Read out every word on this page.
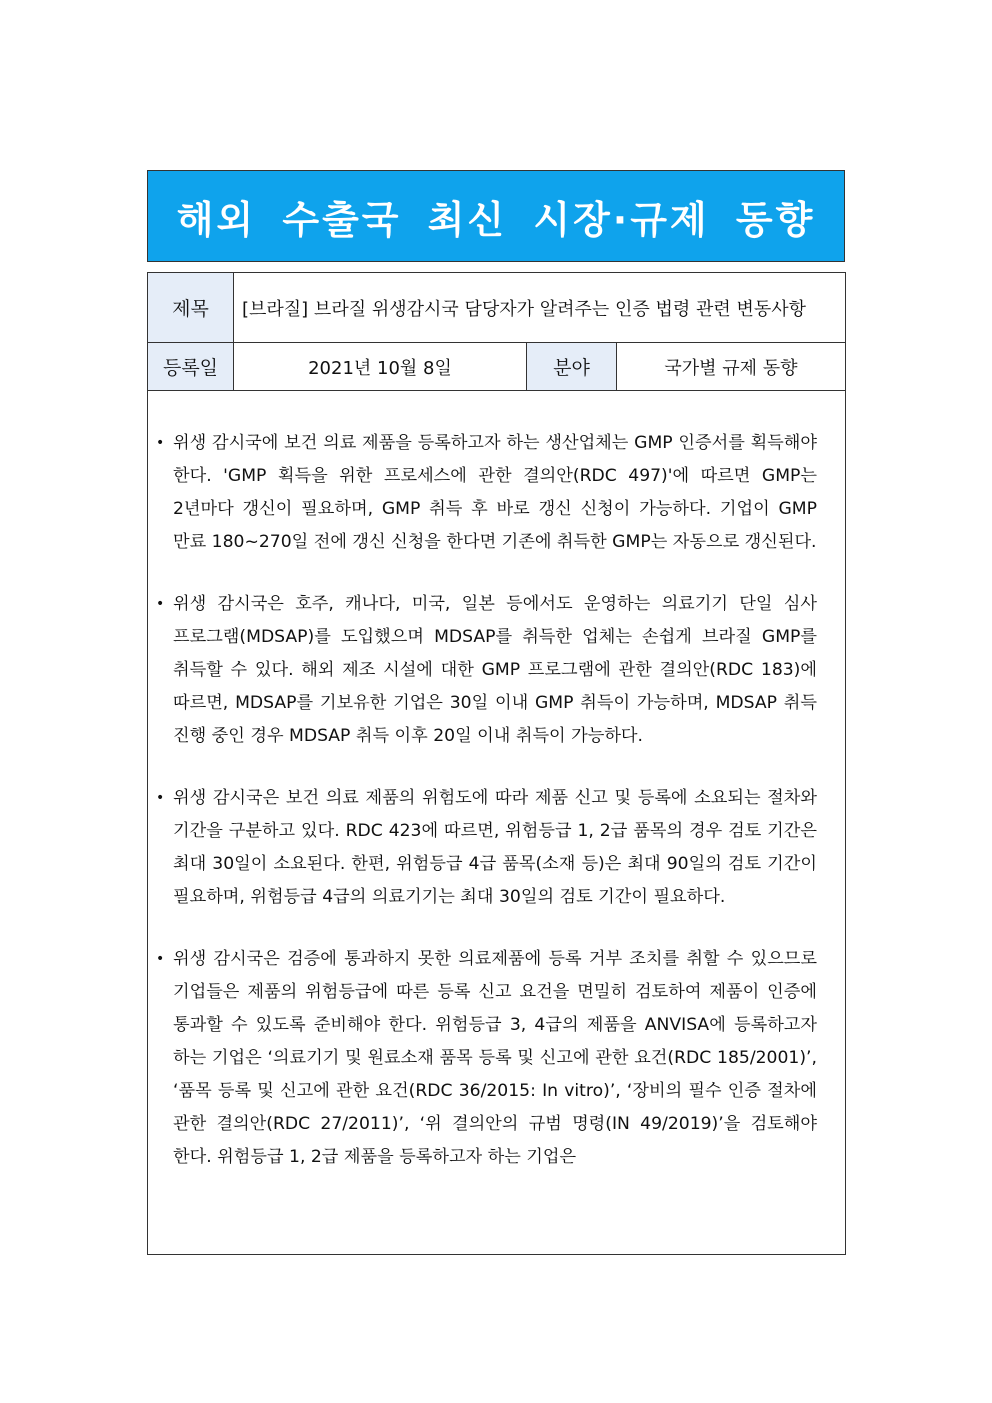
해외 수출국 최신 시장·규제 동향
제목	[브라질] 브라질 위생감시국 담당자가 알려주는 인증 법령 관련 변동사항
등록일	2021년 10월 8일	분야	국가별 규제 동향
• 위생 감시국에 보건 의료 제품을 등록하고자 하는 생산업체는 GMP 인증서를 획득해야 한다. 'GMP 획득을 위한 프로세스에 관한 결의안(RDC 497)'에 따르면 GMP는 2년마다 갱신이 필요하며, GMP 취득 후 바로 갱신 신청이 가능하다. 기업이 GMP 만료 180~270일 전에 갱신 신청을 한다면 기존에 취득한 GMP는 자동으로 갱신된다.
• 위생 감시국은 호주, 캐나다, 미국, 일본 등에서도 운영하는 의료기기 단일 심사 프로그램(MDSAP)를 도입했으며 MDSAP를 취득한 업체는 손쉽게 브라질 GMP를 취득할 수 있다. 해외 제조 시설에 대한 GMP 프로그램에 관한 결의안(RDC 183)에 따르면, MDSAP를 기보유한 기업은 30일 이내 GMP 취득이 가능하며, MDSAP 취득 진행 중인 경우 MDSAP 취득 이후 20일 이내 취득이 가능하다.
• 위생 감시국은 보건 의료 제품의 위험도에 따라 제품 신고 및 등록에 소요되는 절차와 기간을 구분하고 있다. RDC 423에 따르면, 위험등급 1, 2급 품목의 경우 검토 기간은 최대 30일이 소요된다. 한편, 위험등급 4급 품목(소재 등)은 최대 90일의 검토 기간이 필요하며, 위험등급 4급의 의료기기는 최대 30일의 검토 기간이 필요하다.
• 위생 감시국은 검증에 통과하지 못한 의료제품에 등록 거부 조치를 취할 수 있으므로 기업들은 제품의 위험등급에 따른 등록 신고 요건을 면밀히 검토하여 제품이 인증에 통과할 수 있도록 준비해야 한다. 위험등급 3, 4급의 제품을 ANVISA에 등록하고자 하는 기업은 ‘의료기기 및 원료소재 품목 등록 및 신고에 관한 요건(RDC 185/2001)’, ‘품목 등록 및 신고에 관한 요건(RDC 36/2015: In vitro)’, ‘장비의 필수 인증 절차에 관한 결의안(RDC 27/2011)’, ‘위 결의안의 규범 명령(IN 49/2019)’을 검토해야 한다. 위험등급 1, 2급 제품을 등록하고자 하는 기업은
